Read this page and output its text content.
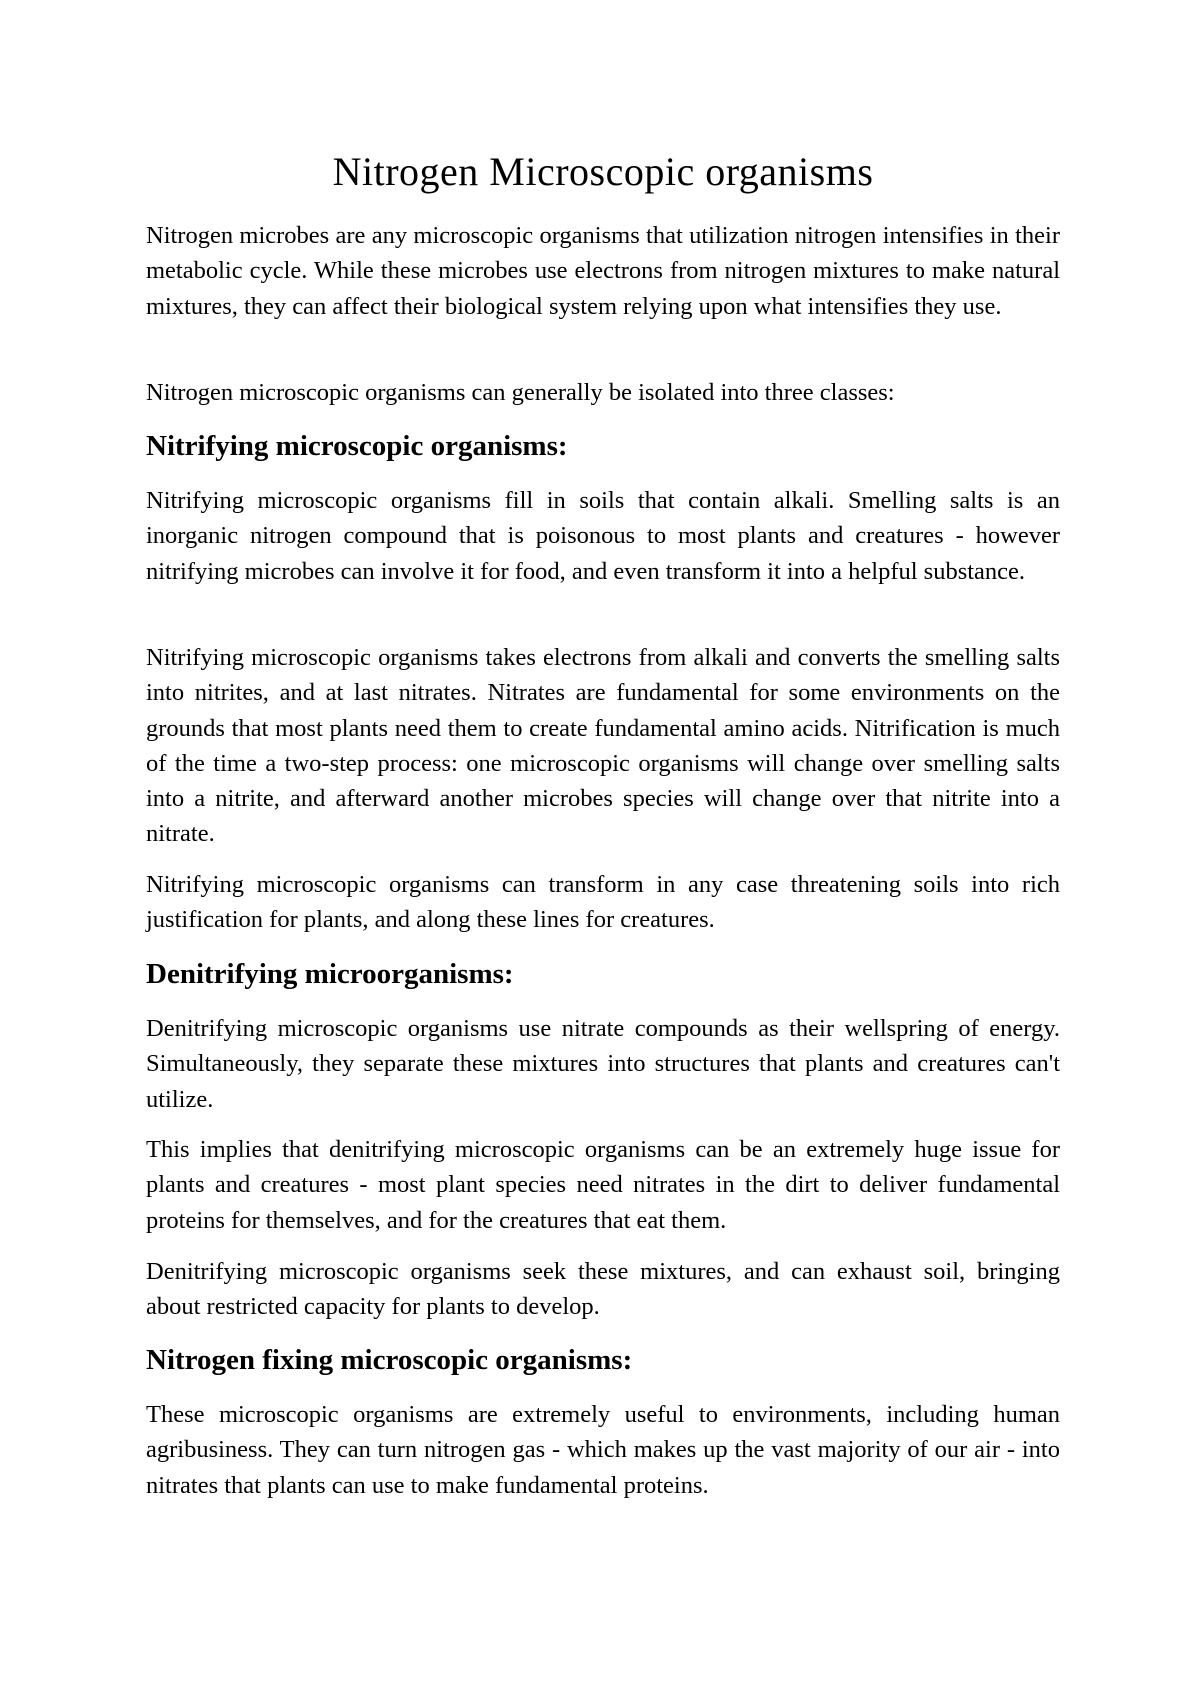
Nitrogen Microscopic organisms

Nitrogen microbes are any microscopic organisms that utilization nitrogen intensifies in their metabolic cycle. While these microbes use electrons from nitrogen mixtures to make natural mixtures, they can affect their biological system relying upon what intensifies they use.

Nitrogen microscopic organisms can generally be isolated into three classes:

Nitrifying microscopic organisms:

Nitrifying microscopic organisms fill in soils that contain alkali. Smelling salts is an inorganic nitrogen compound that is poisonous to most plants and creatures - however nitrifying microbes can involve it for food, and even transform it into a helpful substance.

Nitrifying microscopic organisms takes electrons from alkali and converts the smelling salts into nitrites, and at last nitrates. Nitrates are fundamental for some environments on the grounds that most plants need them to create fundamental amino acids. Nitrification is much of the time a two-step process: one microscopic organisms will change over smelling salts into a nitrite, and afterward another microbes species will change over that nitrite into a nitrate.

Nitrifying microscopic organisms can transform in any case threatening soils into rich justification for plants, and along these lines for creatures.

Denitrifying microorganisms:

Denitrifying microscopic organisms use nitrate compounds as their wellspring of energy. Simultaneously, they separate these mixtures into structures that plants and creatures can't utilize.

This implies that denitrifying microscopic organisms can be an extremely huge issue for plants and creatures - most plant species need nitrates in the dirt to deliver fundamental proteins for themselves, and for the creatures that eat them.

Denitrifying microscopic organisms seek these mixtures, and can exhaust soil, bringing about restricted capacity for plants to develop.

Nitrogen fixing microscopic organisms:

These microscopic organisms are extremely useful to environments, including human agribusiness. They can turn nitrogen gas - which makes up the vast majority of our air - into nitrates that plants can use to make fundamental proteins.
